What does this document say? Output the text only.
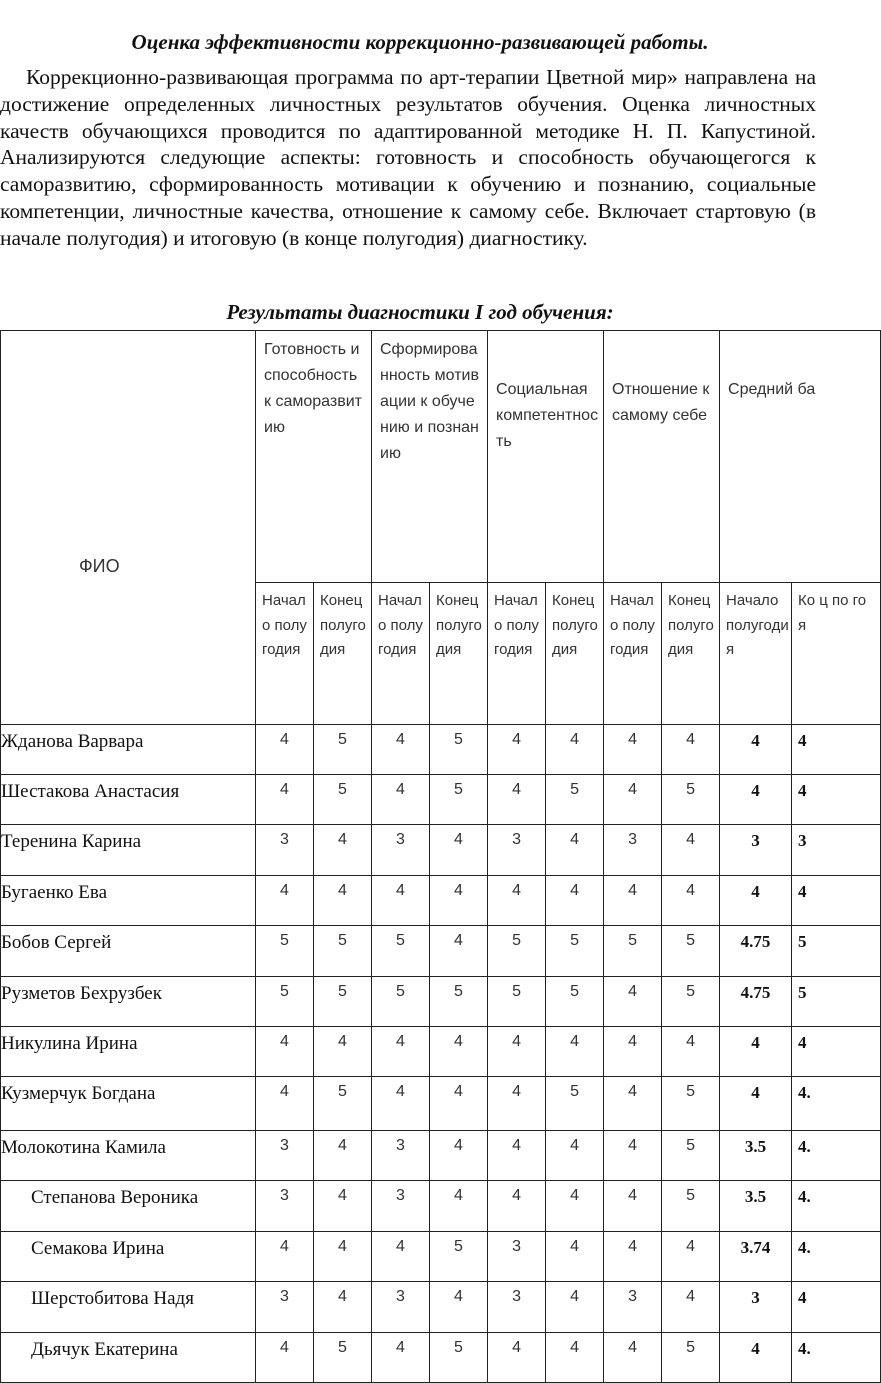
Оценка эффективности коррекционно-развивающей работы.
Коррекционно-развивающая программа по арт-терапии Цветной мир» направлена на достижение определенных личностных результатов обучения. Оценка личностных качеств обучающихся проводится по адаптированной методике Н. П. Капустиной. Анализируются следующие аспекты: готовность и способность обучающегогся к саморазвитию, сформированность мотивации к обучению и познанию, социальные компетенции, личностные качества, отношение к самому себе. Включает стартовую (в начале полугодия) и итоговую (в конце полугодия) диагностику.
Результаты диагностики I год обучения:
ФИО	Готовность и способность к саморазвитию		Сформированность мотивации к обучению и познанию		Социальная компетентность		Отношение к самому себе		Средний ба	
	Начало полугодия	Конец полугодия	Начало полугодия	Конец полугодия	Начало полугодия	Конец полугодия	Начало полугодия	Конец полугодия	Начало полугодия	Ко ц по го я
Жданова Варвара	4	5	4	5	4	4	4	4	4	4
Шестакова Анастасия	4	5	4	5	4	5	4	5	4	4
Теренина Карина	3	4	3	4	3	4	3	4	3	3
Бугаенко Ева	4	4	4	4	4	4	4	4	4	4
Бобов Сергей	5	5	5	4	5	5	5	5	4.75	5
Рузметов Бехрузбек	5	5	5	5	5	5	4	5	4.75	5
Никулина Ирина	4	4	4	4	4	4	4	4	4	4
Кузмерчук Богдана	4	5	4	4	4	5	4	5	4	4.
Молокотина Камила	3	4	3	4	4	4	4	5	3.5	4.
Степанова Вероника	3	4	3	4	4	4	4	5	3.5	4.
Семакова Ирина	4	4	4	5	3	4	4	4	3.74	4.
Шерстобитова Надя	3	4	3	4	3	4	3	4	3	4
Дьячук Екатерина	4	5	4	5	4	4	4	5	4	4.
